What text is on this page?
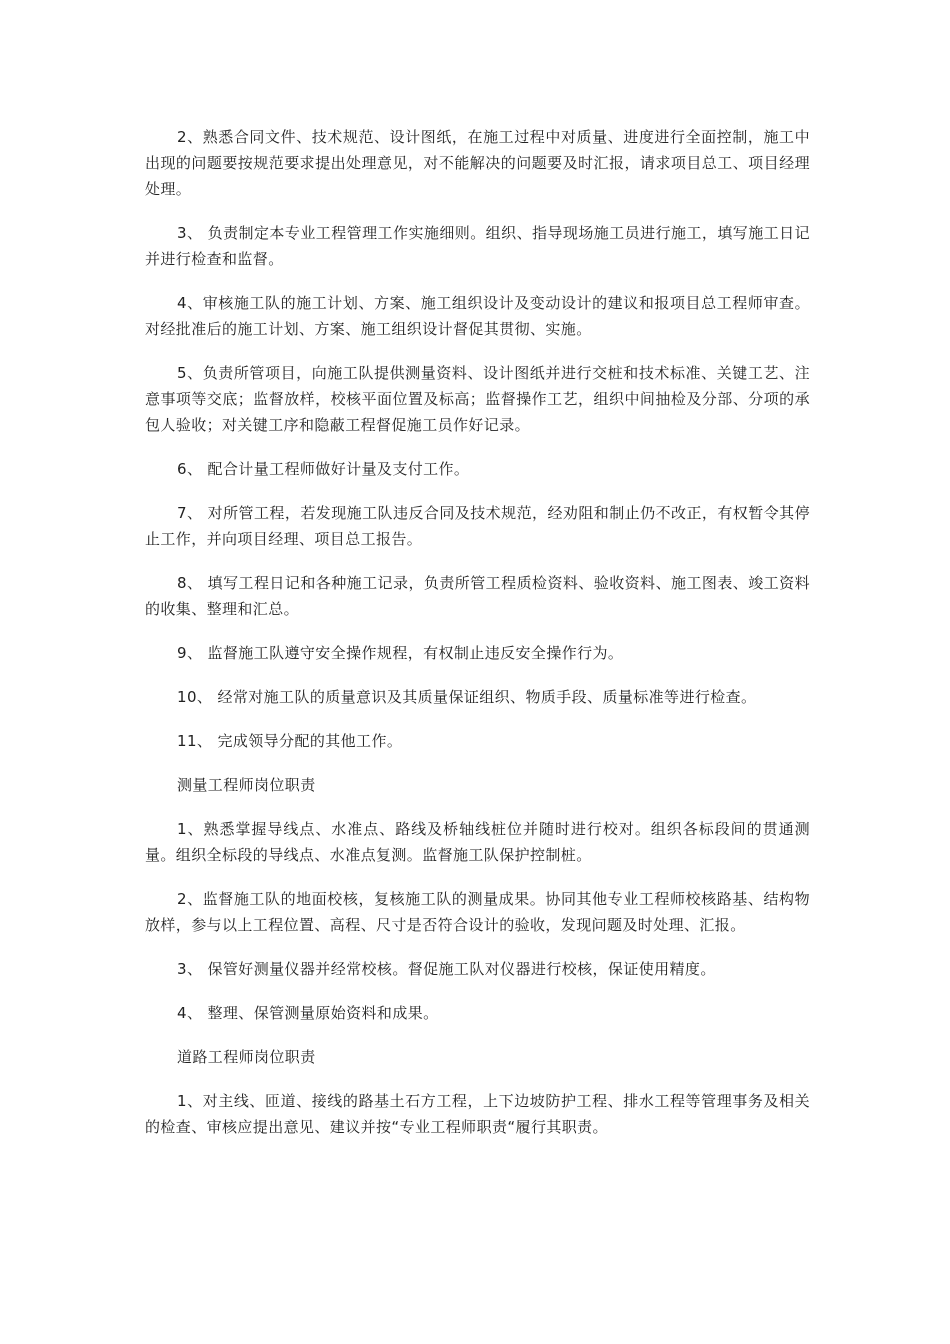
2、熟悉合同文件、技术规范、设计图纸，在施工过程中对质量、进度进行全面控制，施工中出现的问题要按规范要求提出处理意见，对不能解决的问题要及时汇报，请求项目总工、项目经理处理。

3、 负责制定本专业工程管理工作实施细则。组织、指导现场施工员进行施工，填写施工日记并进行检查和监督。

4、审核施工队的施工计划、方案、施工组织设计及变动设计的建议和报项目总工程师审查。对经批准后的施工计划、方案、施工组织设计督促其贯彻、实施。

5、负责所管项目，向施工队提供测量资料、设计图纸并进行交桩和技术标准、关键工艺、注意事项等交底；监督放样，校核平面位置及标高；监督操作工艺，组织中间抽检及分部、分项的承包人验收；对关键工序和隐蔽工程督促施工员作好记录。

6、 配合计量工程师做好计量及支付工作。

7、 对所管工程，若发现施工队违反合同及技术规范，经劝阻和制止仍不改正，有权暂令其停止工作，并向项目经理、项目总工报告。

8、 填写工程日记和各种施工记录，负责所管工程质检资料、验收资料、施工图表、竣工资料的收集、整理和汇总。

9、 监督施工队遵守安全操作规程，有权制止违反安全操作行为。

10、 经常对施工队的质量意识及其质量保证组织、物质手段、质量标准等进行检查。

11、 完成领导分配的其他工作。

测量工程师岗位职责

1、熟悉掌握导线点、水准点、路线及桥轴线桩位并随时进行校对。组织各标段间的贯通测量。组织全标段的导线点、水准点复测。监督施工队保护控制桩。

2、监督施工队的地面校核，复核施工队的测量成果。协同其他专业工程师校核路基、结构物放样，参与以上工程位置、高程、尺寸是否符合设计的验收，发现问题及时处理、汇报。

3、 保管好测量仪器并经常校核。督促施工队对仪器进行校核，保证使用精度。

4、 整理、保管测量原始资料和成果。

道路工程师岗位职责

1、对主线、匝道、接线的路基土石方工程，上下边坡防护工程、排水工程等管理事务及相关的检查、审核应提出意见、建议并按“专业工程师职责“履行其职责。
